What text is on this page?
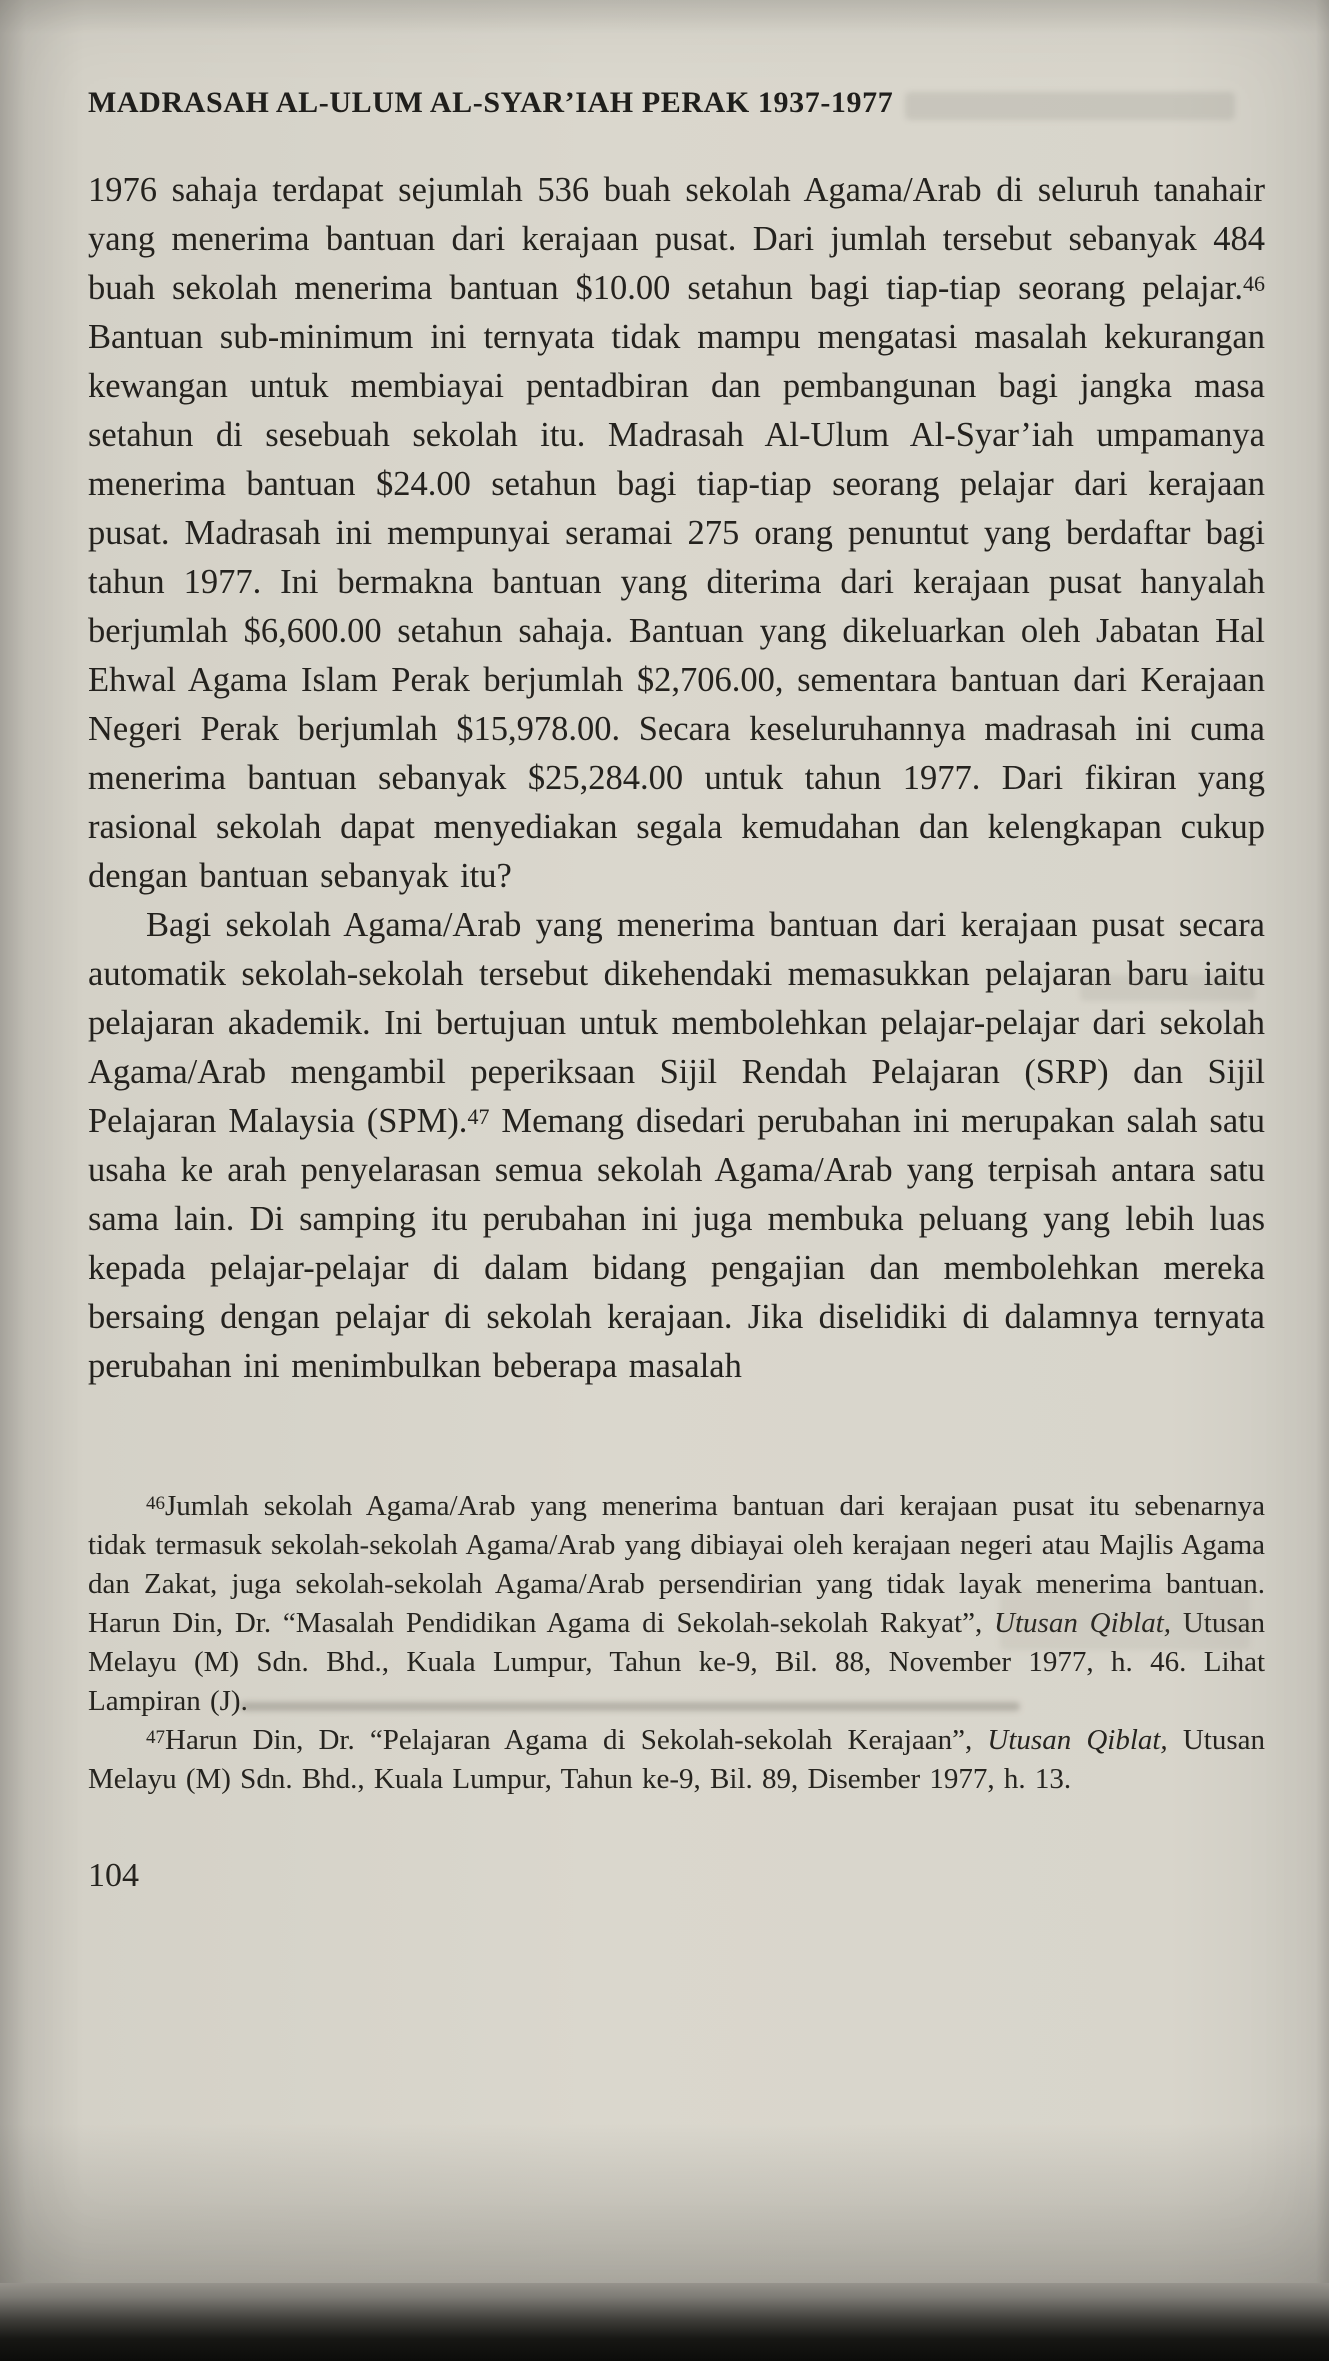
MADRASAH AL-ULUM AL-SYAR’IAH PERAK 1937-1977

1976 sahaja terdapat sejumlah 536 buah sekolah Agama/Arab di seluruh tanahair yang menerima bantuan dari kerajaan pusat. Dari jumlah tersebut sebanyak 484 buah sekolah menerima bantuan $10.00 setahun bagi tiap-tiap seorang pelajar.$^{46}$ Bantuan sub-minimum ini ternyata tidak mampu mengatasi masalah kekurangan kewangan untuk membiayai pentadbiran dan pembangunan bagi jangka masa setahun di sesebuah sekolah itu. Madrasah Al-Ulum Al-Syar’iah umpamanya menerima bantuan $24.00 setahun bagi tiap-tiap seorang pelajar dari kerajaan pusat. Madrasah ini mempunyai seramai 275 orang penuntut yang berdaftar bagi tahun 1977. Ini bermakna bantuan yang diterima dari kerajaan pusat hanyalah berjumlah $6,600.00 setahun sahaja. Bantuan yang dikeluarkan oleh Jabatan Hal Ehwal Agama Islam Perak berjumlah $2,706.00, sementara bantuan dari Kerajaan Negeri Perak berjumlah $15,978.00. Secara keseluruhannya madrasah ini cuma menerima bantuan sebanyak $25,284.00 untuk tahun 1977. Dari fikiran yang rasional sekolah dapat menyediakan segala kemudahan dan kelengkapan cukup dengan bantuan sebanyak itu?

Bagi sekolah Agama/Arab yang menerima bantuan dari kerajaan pusat secara automatik sekolah-sekolah tersebut dikehendaki memasukkan pelajaran baru iaitu pelajaran akademik. Ini bertujuan untuk membolehkan pelajar-pelajar dari sekolah Agama/Arab mengambil peperiksaan Sijil Rendah Pelajaran (SRP) dan Sijil Pelajaran Malaysia (SPM).$^{47}$ Memang disedari perubahan ini merupakan salah satu usaha ke arah penyelarasan semua sekolah Agama/Arab yang terpisah antara satu sama lain. Di samping itu perubahan ini juga membuka peluang yang lebih luas kepada pelajar-pelajar di dalam bidang pengajian dan membolehkan mereka bersaing dengan pelajar di sekolah kerajaan. Jika diselidiki di dalamnya ternyata perubahan ini menimbulkan beberapa masalah

$^{46}$Jumlah sekolah Agama/Arab yang menerima bantuan dari kerajaan pusat itu sebenarnya tidak termasuk sekolah-sekolah Agama/Arab yang dibiayai oleh kerajaan negeri atau Majlis Agama dan Zakat, juga sekolah-sekolah Agama/Arab persendirian yang tidak layak menerima bantuan. Harun Din, Dr. “Masalah Pendidikan Agama di Sekolah-sekolah Rakyat”, Utusan Qiblat, Utusan Melayu (M) Sdn. Bhd., Kuala Lumpur, Tahun ke-9, Bil. 88, November 1977, h. 46. Lihat Lampiran (J).

$^{47}$Harun Din, Dr. “Pelajaran Agama di Sekolah-sekolah Kerajaan”, Utusan Qiblat, Utusan Melayu (M) Sdn. Bhd., Kuala Lumpur, Tahun ke-9, Bil. 89, Disember 1977, h. 13.

104
